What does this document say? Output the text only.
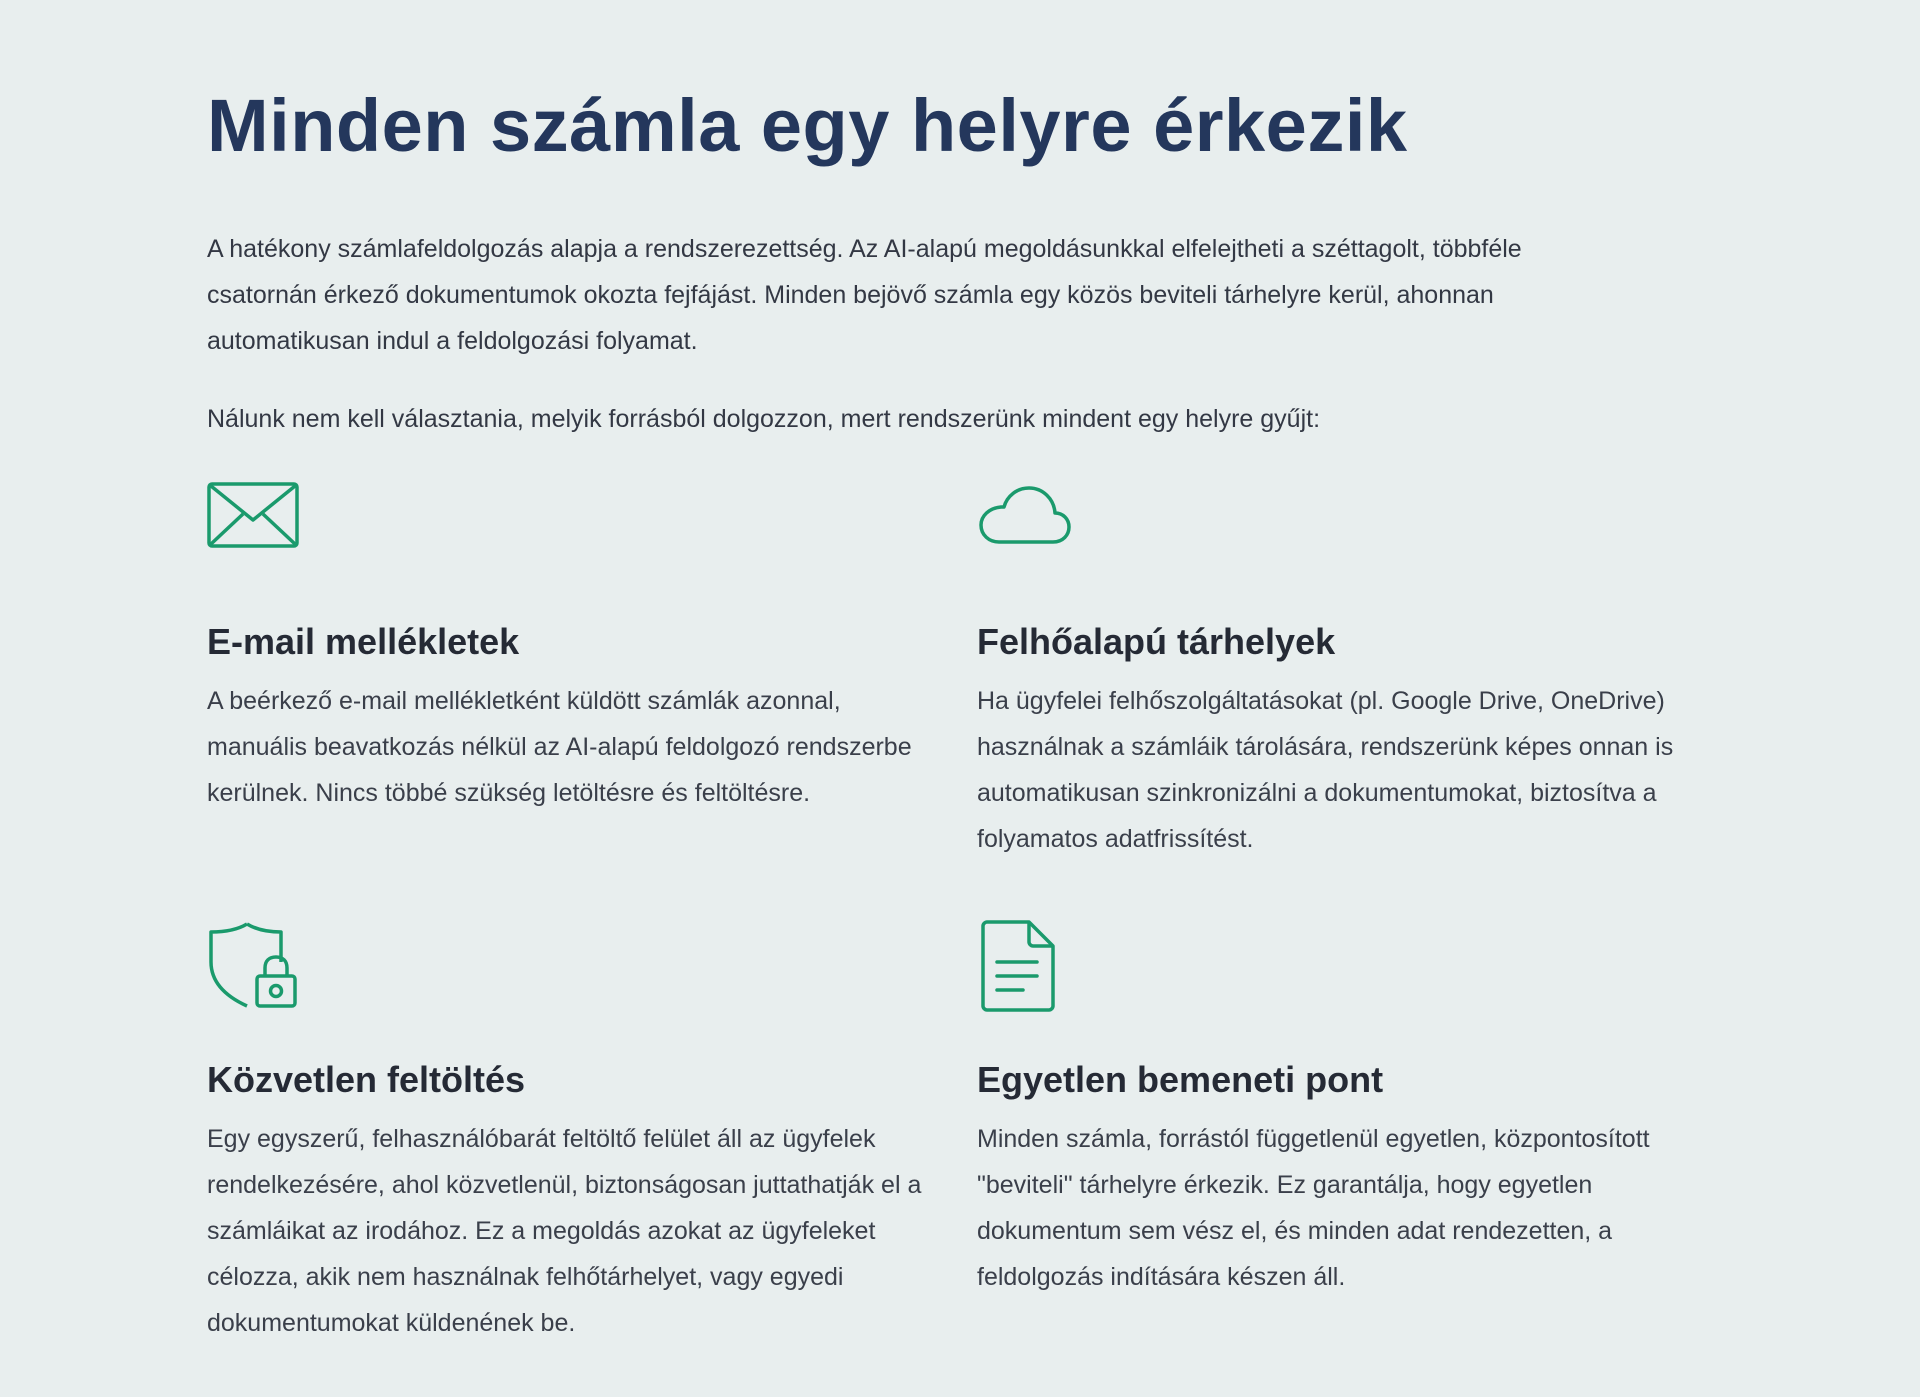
Minden számla egy helyre érkezik

A hatékony számlafeldolgozás alapja a rendszerezettség. Az AI-alapú megoldásunkkal elfelejtheti a széttagolt, többféle csatornán érkező dokumentumok okozta fejfájást. Minden bejövő számla egy közös beviteli tárhelyre kerül, ahonnan automatikusan indul a feldolgozási folyamat.

Nálunk nem kell választania, melyik forrásból dolgozzon, mert rendszerünk mindent egy helyre gyűjt:

E-mail mellékletek

A beérkező e-mail mellékletként küldött számlák azonnal, manuális beavatkozás nélkül az AI-alapú feldolgozó rendszerbe kerülnek. Nincs többé szükség letöltésre és feltöltésre.

Felhőalapú tárhelyek

Ha ügyfelei felhőszolgáltatásokat (pl. Google Drive, OneDrive) használnak a számláik tárolására, rendszerünk képes onnan is automatikusan szinkronizálni a dokumentumokat, biztosítva a folyamatos adatfrissítést.

Közvetlen feltöltés

Egy egyszerű, felhasználóbarát feltöltő felület áll az ügyfelek rendelkezésére, ahol közvetlenül, biztonságosan juttathatják el a számláikat az irodához. Ez a megoldás azokat az ügyfeleket célozza, akik nem használnak felhőtárhelyet, vagy egyedi dokumentumokat küldenének be.

Egyetlen bemeneti pont

Minden számla, forrástól függetlenül egyetlen, központosított "beviteli" tárhelyre érkezik. Ez garantálja, hogy egyetlen dokumentum sem vész el, és minden adat rendezetten, a feldolgozás indítására készen áll.
